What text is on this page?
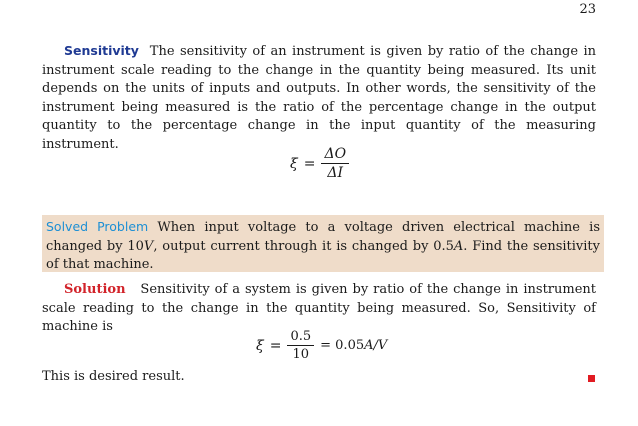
23
Sensitivity The sensitivity of an instrument is given by ratio of the change in instrument scale reading to the change in the quantity being measured. Its unit depends on the units of inputs and outputs. In other words, the sensitivity of the instrument being measured is the ratio of the percentage change in the output quantity to the percentage change in the input quantity of the measuring instrument.
$\xi = \frac{\Delta O}{\Delta I}$
Solved Problem When input voltage to a voltage driven electrical machine is changed by 10V, output current through it is changed by 0.5A. Find the sensitivity of that machine.
Solution Sensitivity of a system is given by ratio of the change in instrument scale reading to the change in the quantity being measured. So, Sensitivity of machine is
$\xi = \frac{0.5}{10} = 0.05$ A/V
This is desired result.
